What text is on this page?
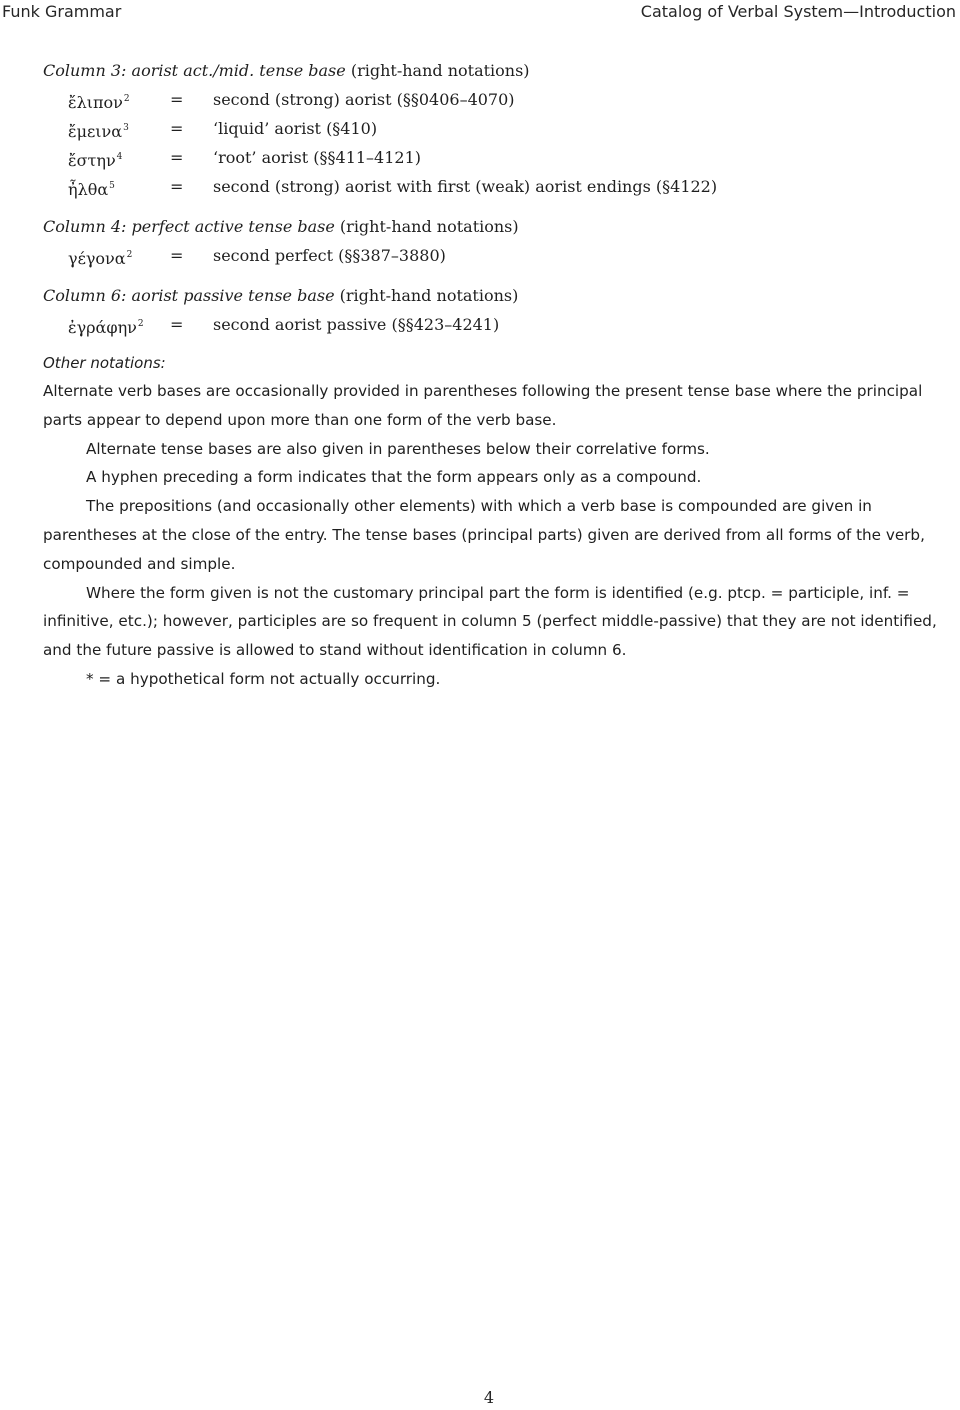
Funk Grammar	Catalog of Verbal System—Introduction
Column 3: aorist act./mid. tense base (right-hand notations)
ἔλιπον$^2$	= second (strong) aorist (§§0406–4070)
ἔμεινα$^3$	= ‘liquid’ aorist (§410)
ἔστην$^4$	= ‘root’ aorist (§§411–4121)
ἦλθα$^5$	= second (strong) aorist with first (weak) aorist endings (§4122)
Column 4: perfect active tense base (right-hand notations)
γέγονα$^2$ = second perfect (§§387–3880)
Column 6: aorist passive tense base (right-hand notations)
ἐγράφην$^2$ = second aorist passive (§§423–4241)
Other notations:

Alternate verb bases are occasionally provided in parentheses following the present tense base where the principal parts appear to depend upon more than one form of the verb base.

Alternate tense bases are also given in parentheses below their correlative forms.

A hyphen preceding a form indicates that the form appears only as a compound.

The prepositions (and occasionally other elements) with which a verb base is compounded are given in parentheses at the close of the entry. The tense bases (principal parts) given are derived from all forms of the verb, compounded and simple.

Where the form given is not the customary principal part the form is identified (e.g. ptcp. = participle, inf. = infinitive, etc.); however, participles are so frequent in column 5 (perfect middle-passive) that they are not identified, and the future passive is allowed to stand without identification in column 6.

* = a hypothetical form not actually occurring.

4
